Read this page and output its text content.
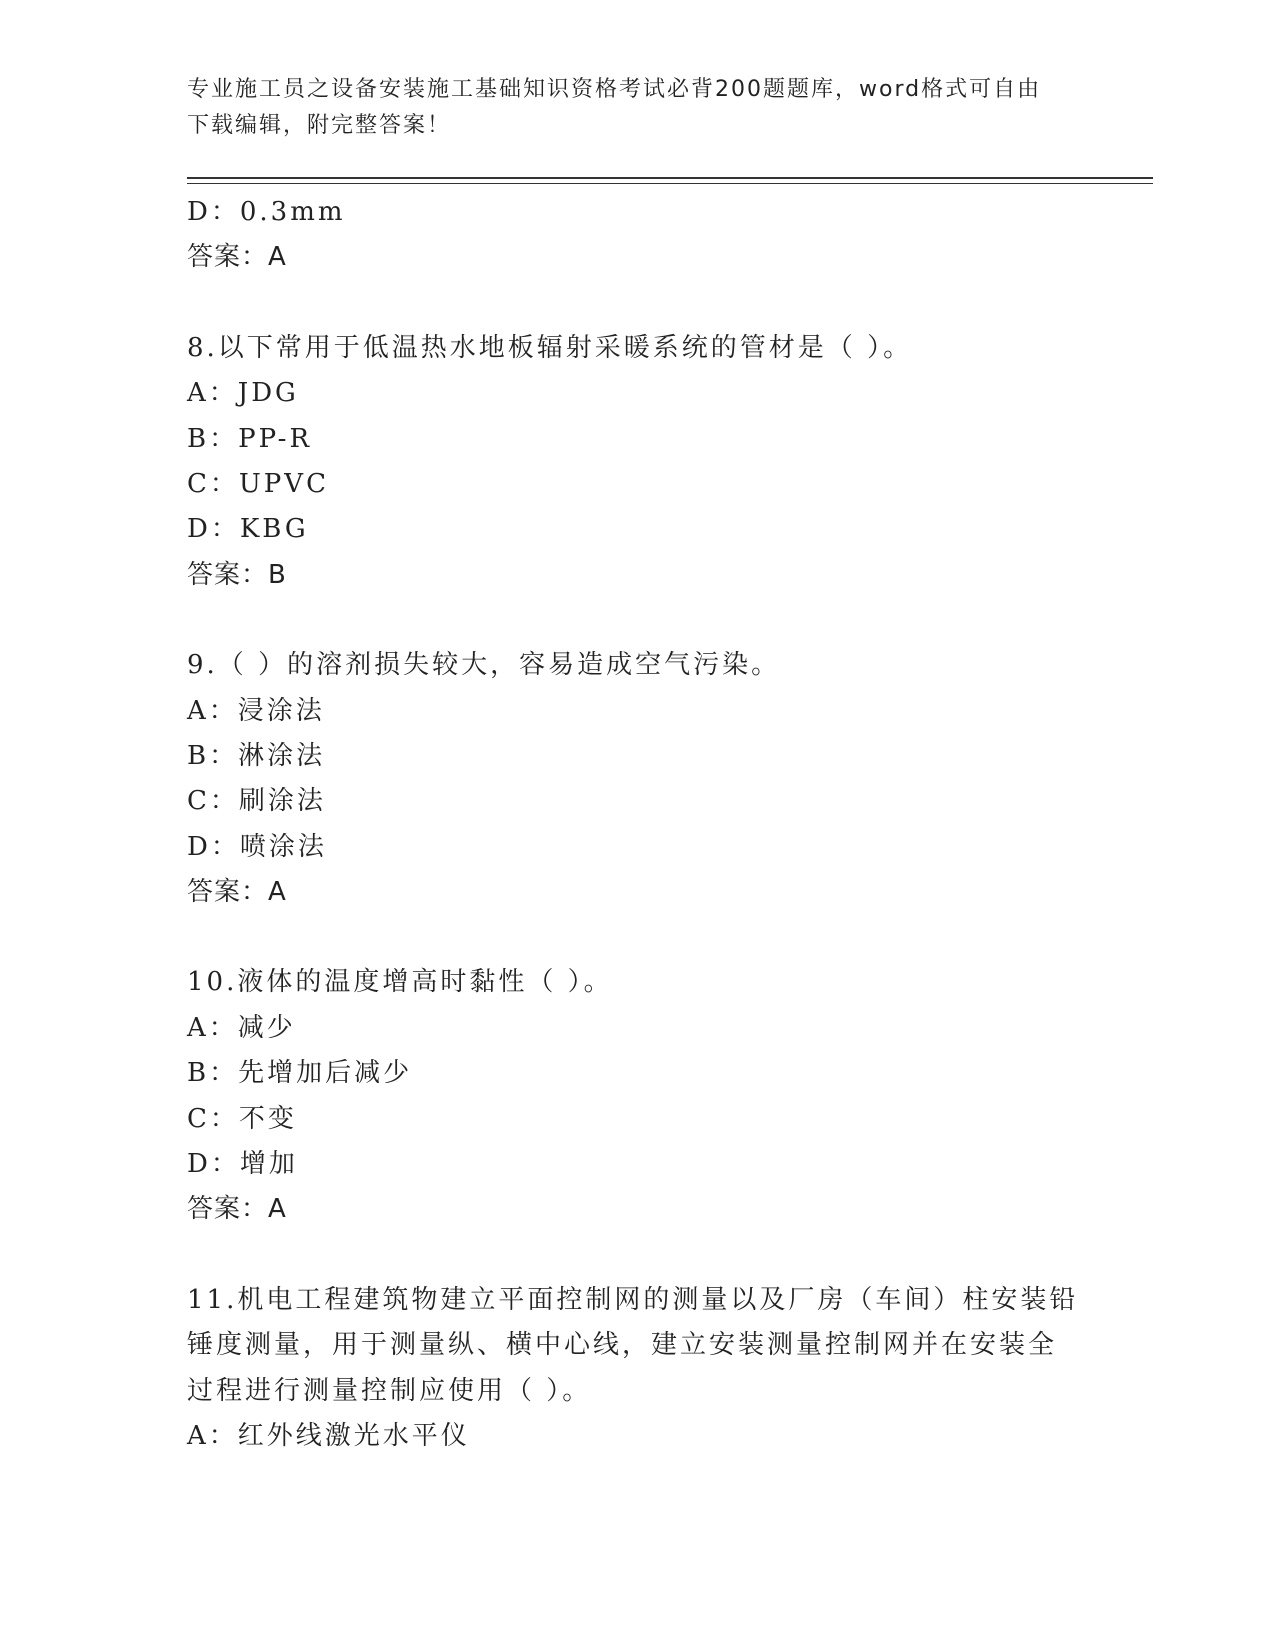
专业施工员之设备安装施工基础知识资格考试必背200题题库，word格式可自由
下载编辑，附完整答案！
D：0.3mm
答案：A
8.以下常用于低温热水地板辐射采暖系统的管材是（ ）。
A：JDG
B：PP-R
C：UPVC
D：KBG
答案：B
9.（ ）的溶剂损失较大，容易造成空气污染。
A：浸涂法
B：淋涂法
C：刷涂法
D：喷涂法
答案：A
10.液体的温度增高时黏性（ ）。
A：减少
B：先增加后减少
C：不变
D：增加
答案：A
11.机电工程建筑物建立平面控制网的测量以及厂房（车间）柱安装铅
锤度测量，用于测量纵、横中心线，建立安装测量控制网并在安装全
过程进行测量控制应使用（ ）。
A：红外线激光水平仪
